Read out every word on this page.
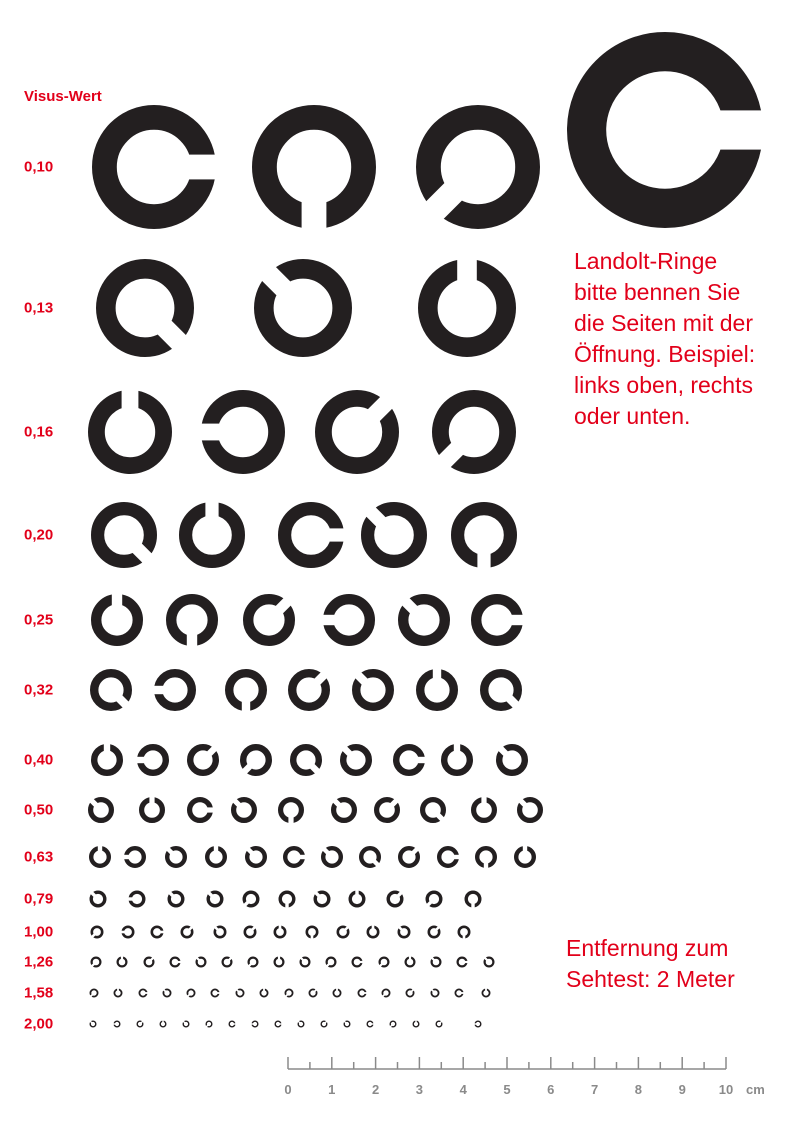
0	1	2	3	4	5	6	7	8	9	10 cm
Visus-Wert
0,10
0,13
0,16
0,20
0,25
0,32
0,40
0,50
0,63
0,79
1,00
1,26
1,58
2,00
Landolt-Ringe
bitte bennen Sie
die Seiten mit der
Öffnung. Beispiel:
links oben, rechts
oder unten.
Entfernung zum
Sehtest: 2 Meter
